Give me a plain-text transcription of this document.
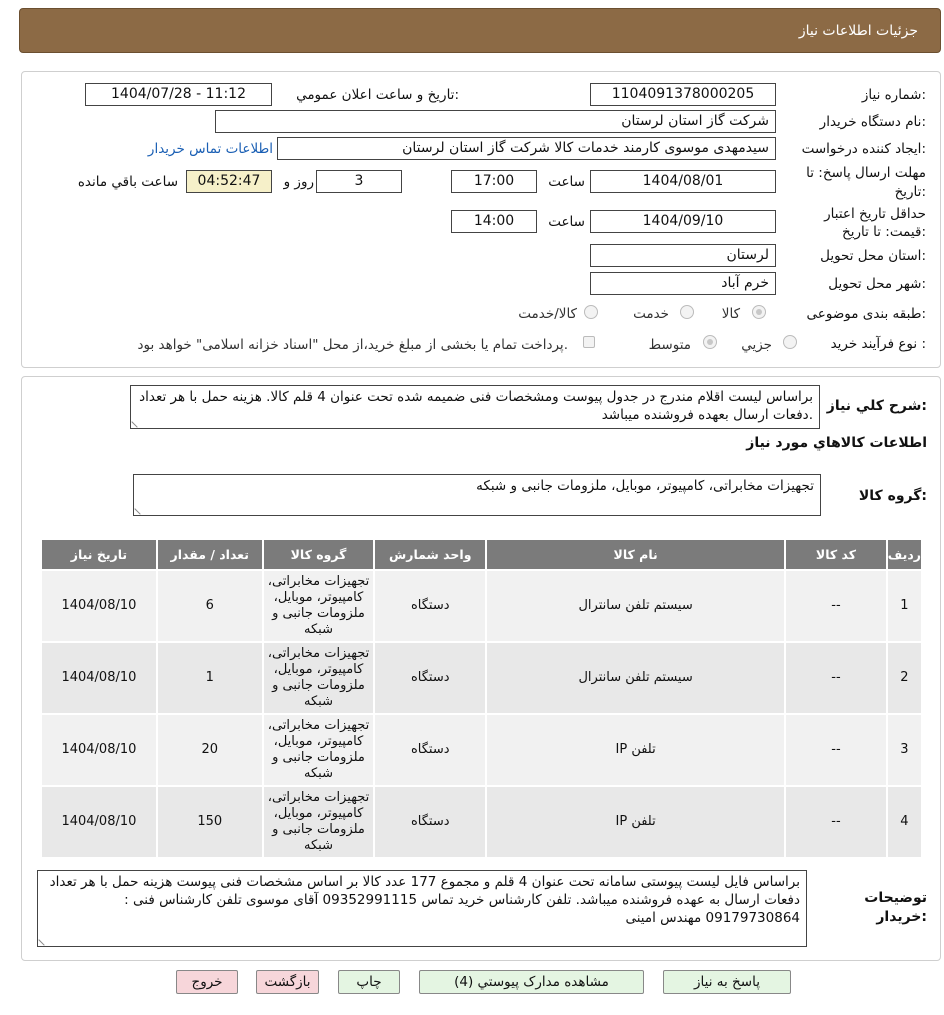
جزئیات اطلاعات نیاز
شماره نیاز:
1104091378000205
تاریخ و ساعت اعلان عمومي:
1404/07/28 - 11:12
نام دستگاه خریدار:
شرکت گاز استان لرستان
ايجاد کننده درخواست:
سیدمهدی موسوی کارمند خدمات کالا شرکت گاز استان لرستان
اطلاعات تماس خریدار
مهلت ارسال پاسخ: تا
تاریخ:
1404/08/01
ساعت
17:00
3
روز و
04:52:47
ساعت باقي مانده
حداقل تاریخ اعتبار
قیمت: تا تاریخ:
1404/09/10
ساعت
14:00
استان محل تحویل:
لرستان
شهر محل تحویل:
خرم آباد
طبقه بندی موضوعی:
کالا
خدمت
کالا/خدمت
نوع فرآیند خرید :
جزیي
متوسط
پرداخت تمام یا بخشی از مبلغ خرید،از محل "اسناد خزانه اسلامی" خواهد بود.
شرح کلي نیاز:
براساس لیست اقلام مندرج در جدول پیوست ومشخصات فنی ضمیمه شده تحت عنوان 4 قلم کالا. هزینه حمل با هر تعداد دفعات ارسال بعهده فروشنده میباشد.
اطلاعات کالاهاي مورد نياز
گروه کالا:
تجهیزات مخابراتی، کامپیوتر، موبایل، ملزومات جانبی و شبکه
رديف	کد کالا	نام کالا	واحد شمارش	گروه کالا	تعداد / مقدار	تاریخ نیاز
1	--	سیستم تلفن سانترال	دستگاه	تجهیزات مخابراتی، کامپیوتر، موبایل، ملزومات جانبی و شبکه	6	1404/08/10
2	--	سیستم تلفن سانترال	دستگاه	تجهیزات مخابراتی، کامپیوتر، موبایل، ملزومات جانبی و شبکه	1	1404/08/10
3	--	تلفن IP	دستگاه	تجهیزات مخابراتی، کامپیوتر، موبایل، ملزومات جانبی و شبکه	20	1404/08/10
4	--	تلفن IP	دستگاه	تجهیزات مخابراتی، کامپیوتر، موبایل، ملزومات جانبی و شبکه	150	1404/08/10
توضیحات
خریدار:
براساس فایل لیست پیوستی سامانه تحت عنوان 4 قلم و مجموع 177 عدد کالا بر اساس مشخصات فنی پیوست هزینه حمل با هر تعداد دفعات ارسال به عهده فروشنده میباشد. تلفن کارشناس خرید تماس 09352991115 آقای موسوی تلفن کارشناس فنی : 09179730864 مهندس امینی
پاسخ به نياز
مشاهده مدارک پیوستي (4)
چاپ
بازگشت
خروج
